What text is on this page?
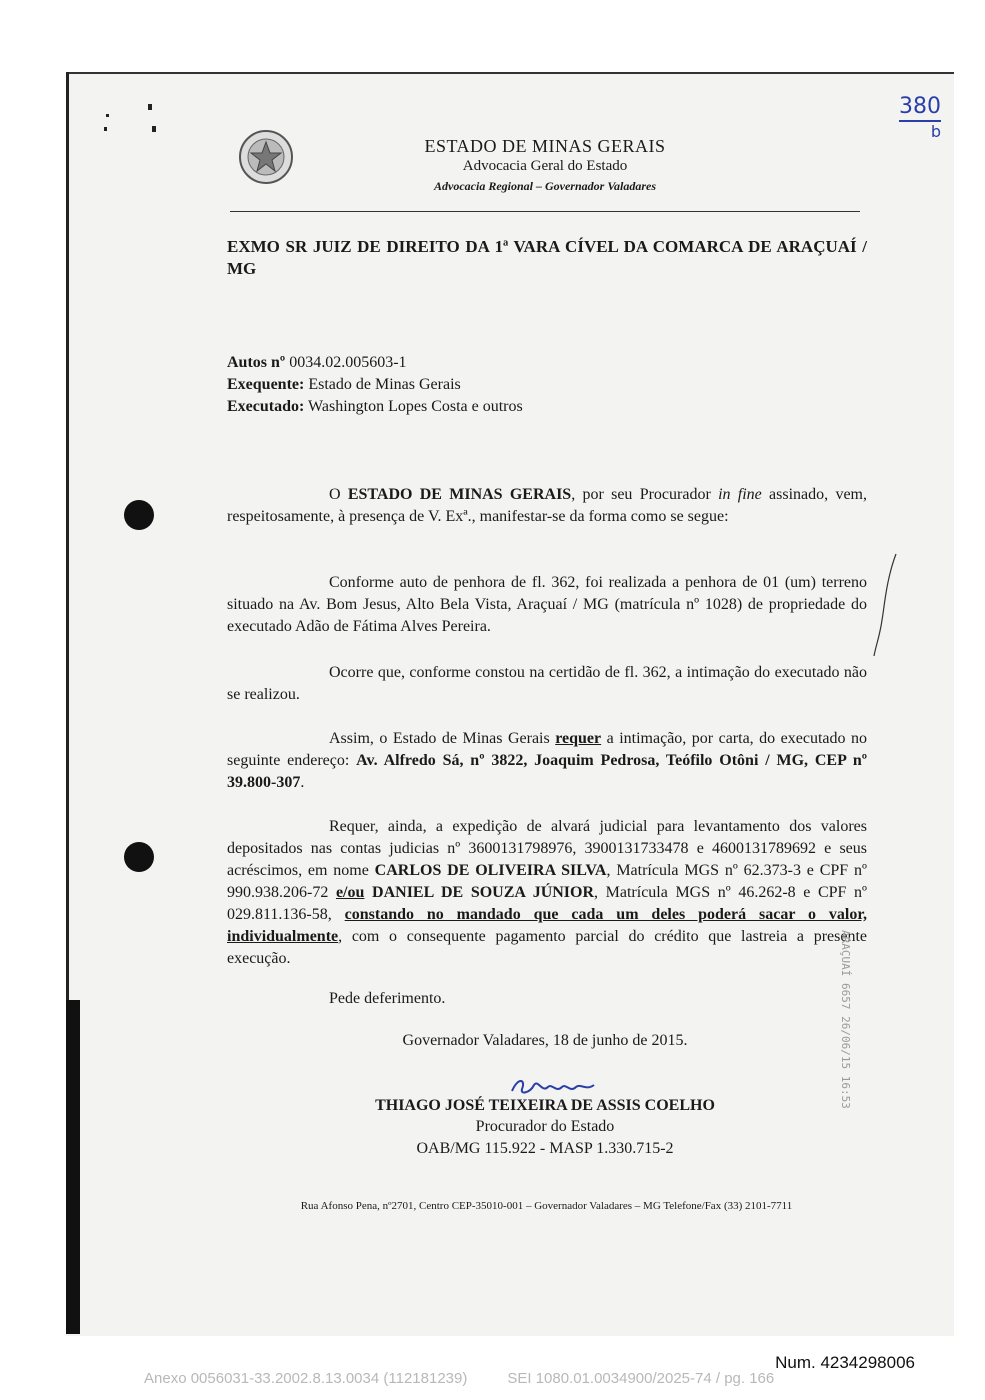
380
b
ESTADO DE MINAS GERAIS
Advocacia Geral do Estado
Advocacia Regional – Governador Valadares
EXMO SR JUIZ DE DIREITO DA 1ª VARA CÍVEL DA COMARCA DE ARAÇUAÍ / MG
Autos nº 0034.02.005603-1
Exequente: Estado de Minas Gerais
Executado: Washington Lopes Costa e outros

O ESTADO DE MINAS GERAIS, por seu Procurador in fine assinado, vem, respeitosamente, à presença de V. Exª., manifestar-se da forma como se segue:

Conforme auto de penhora de fl. 362, foi realizada a penhora de 01 (um) terreno situado na Av. Bom Jesus, Alto Bela Vista, Araçuaí / MG (matrícula nº 1028) de propriedade do executado Adão de Fátima Alves Pereira.

Ocorre que, conforme constou na certidão de fl. 362, a intimação do executado não se realizou.

Assim, o Estado de Minas Gerais requer a intimação, por carta, do executado no seguinte endereço: Av. Alfredo Sá, nº 3822, Joaquim Pedrosa, Teófilo Otôni / MG, CEP nº 39.800-307.

Requer, ainda, a expedição de alvará judicial para levantamento dos valores depositados nas contas judicias nº 3600131798976, 3900131733478 e 4600131789692 e seus acréscimos, em nome CARLOS DE OLIVEIRA SILVA, Matrícula MGS nº 62.373-3 e CPF nº 990.938.206-72 e/ou DANIEL DE SOUZA JÚNIOR, Matrícula MGS nº 46.262-8 e CPF nº 029.811.136-58, constando no mandado que cada um deles poderá sacar o valor, individualmente, com o consequente pagamento parcial do crédito que lastreia a presente execução.

Pede deferimento.

Governador Valadares, 18 de junho de 2015.
THIAGO JOSÉ TEIXEIRA DE ASSIS COELHO
Procurador do Estado
OAB/MG 115.922 - MASP 1.330.715-2
Rua Afonso Pena, nº2701, Centro CEP-35010-001 – Governador Valadares – MG Telefone/Fax (33) 2101-7711
ARAÇUAÍ 6657 26/06/15 16:53
Num. 4234298006
Anexo 0056031-33.2002.8.13.0034 (112181239)	SEI 1080.01.0034900/2025-74 / pg. 166
